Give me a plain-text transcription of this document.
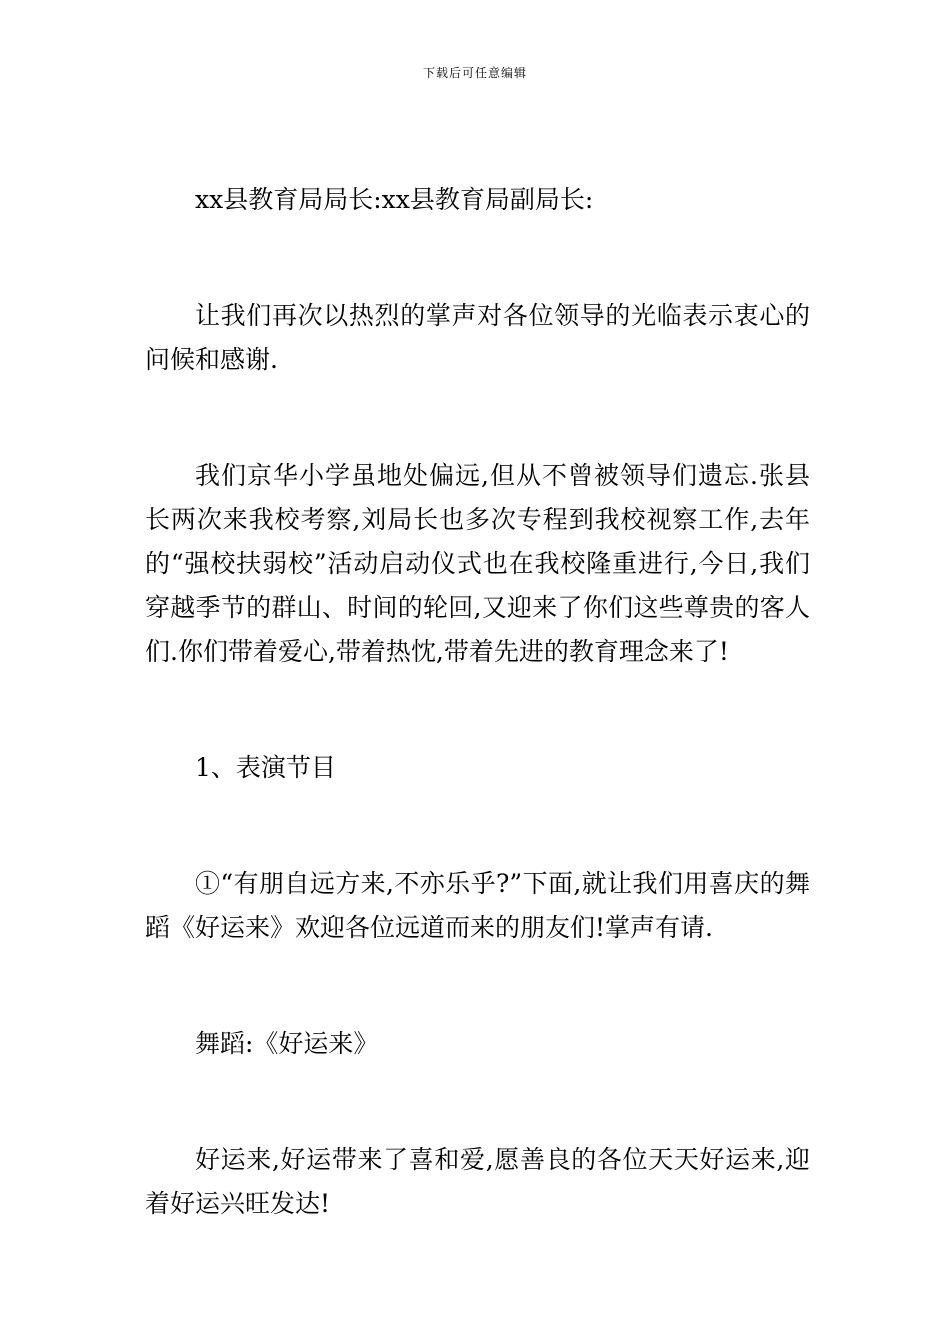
下载后可任意编辑

xx县教育局局长:xx县教育局副局长:

让我们再次以热烈的掌声对各位领导的光临表示衷心的问候和感谢.

我们京华小学虽地处偏远,但从不曾被领导们遗忘.张县长两次来我校考察,刘局长也多次专程到我校视察工作,去年的“强校扶弱校”活动启动仪式也在我校隆重进行,今日,我们穿越季节的群山、时间的轮回,又迎来了你们这些尊贵的客人们.你们带着爱心,带着热忱,带着先进的教育理念来了!

1、表演节目

①“有朋自远方来,不亦乐乎?”下面,就让我们用喜庆的舞蹈《好运来》欢迎各位远道而来的朋友们!掌声有请.

舞蹈:《好运来》

好运来,好运带来了喜和爱,愿善良的各位天天好运来,迎着好运兴旺发达!
